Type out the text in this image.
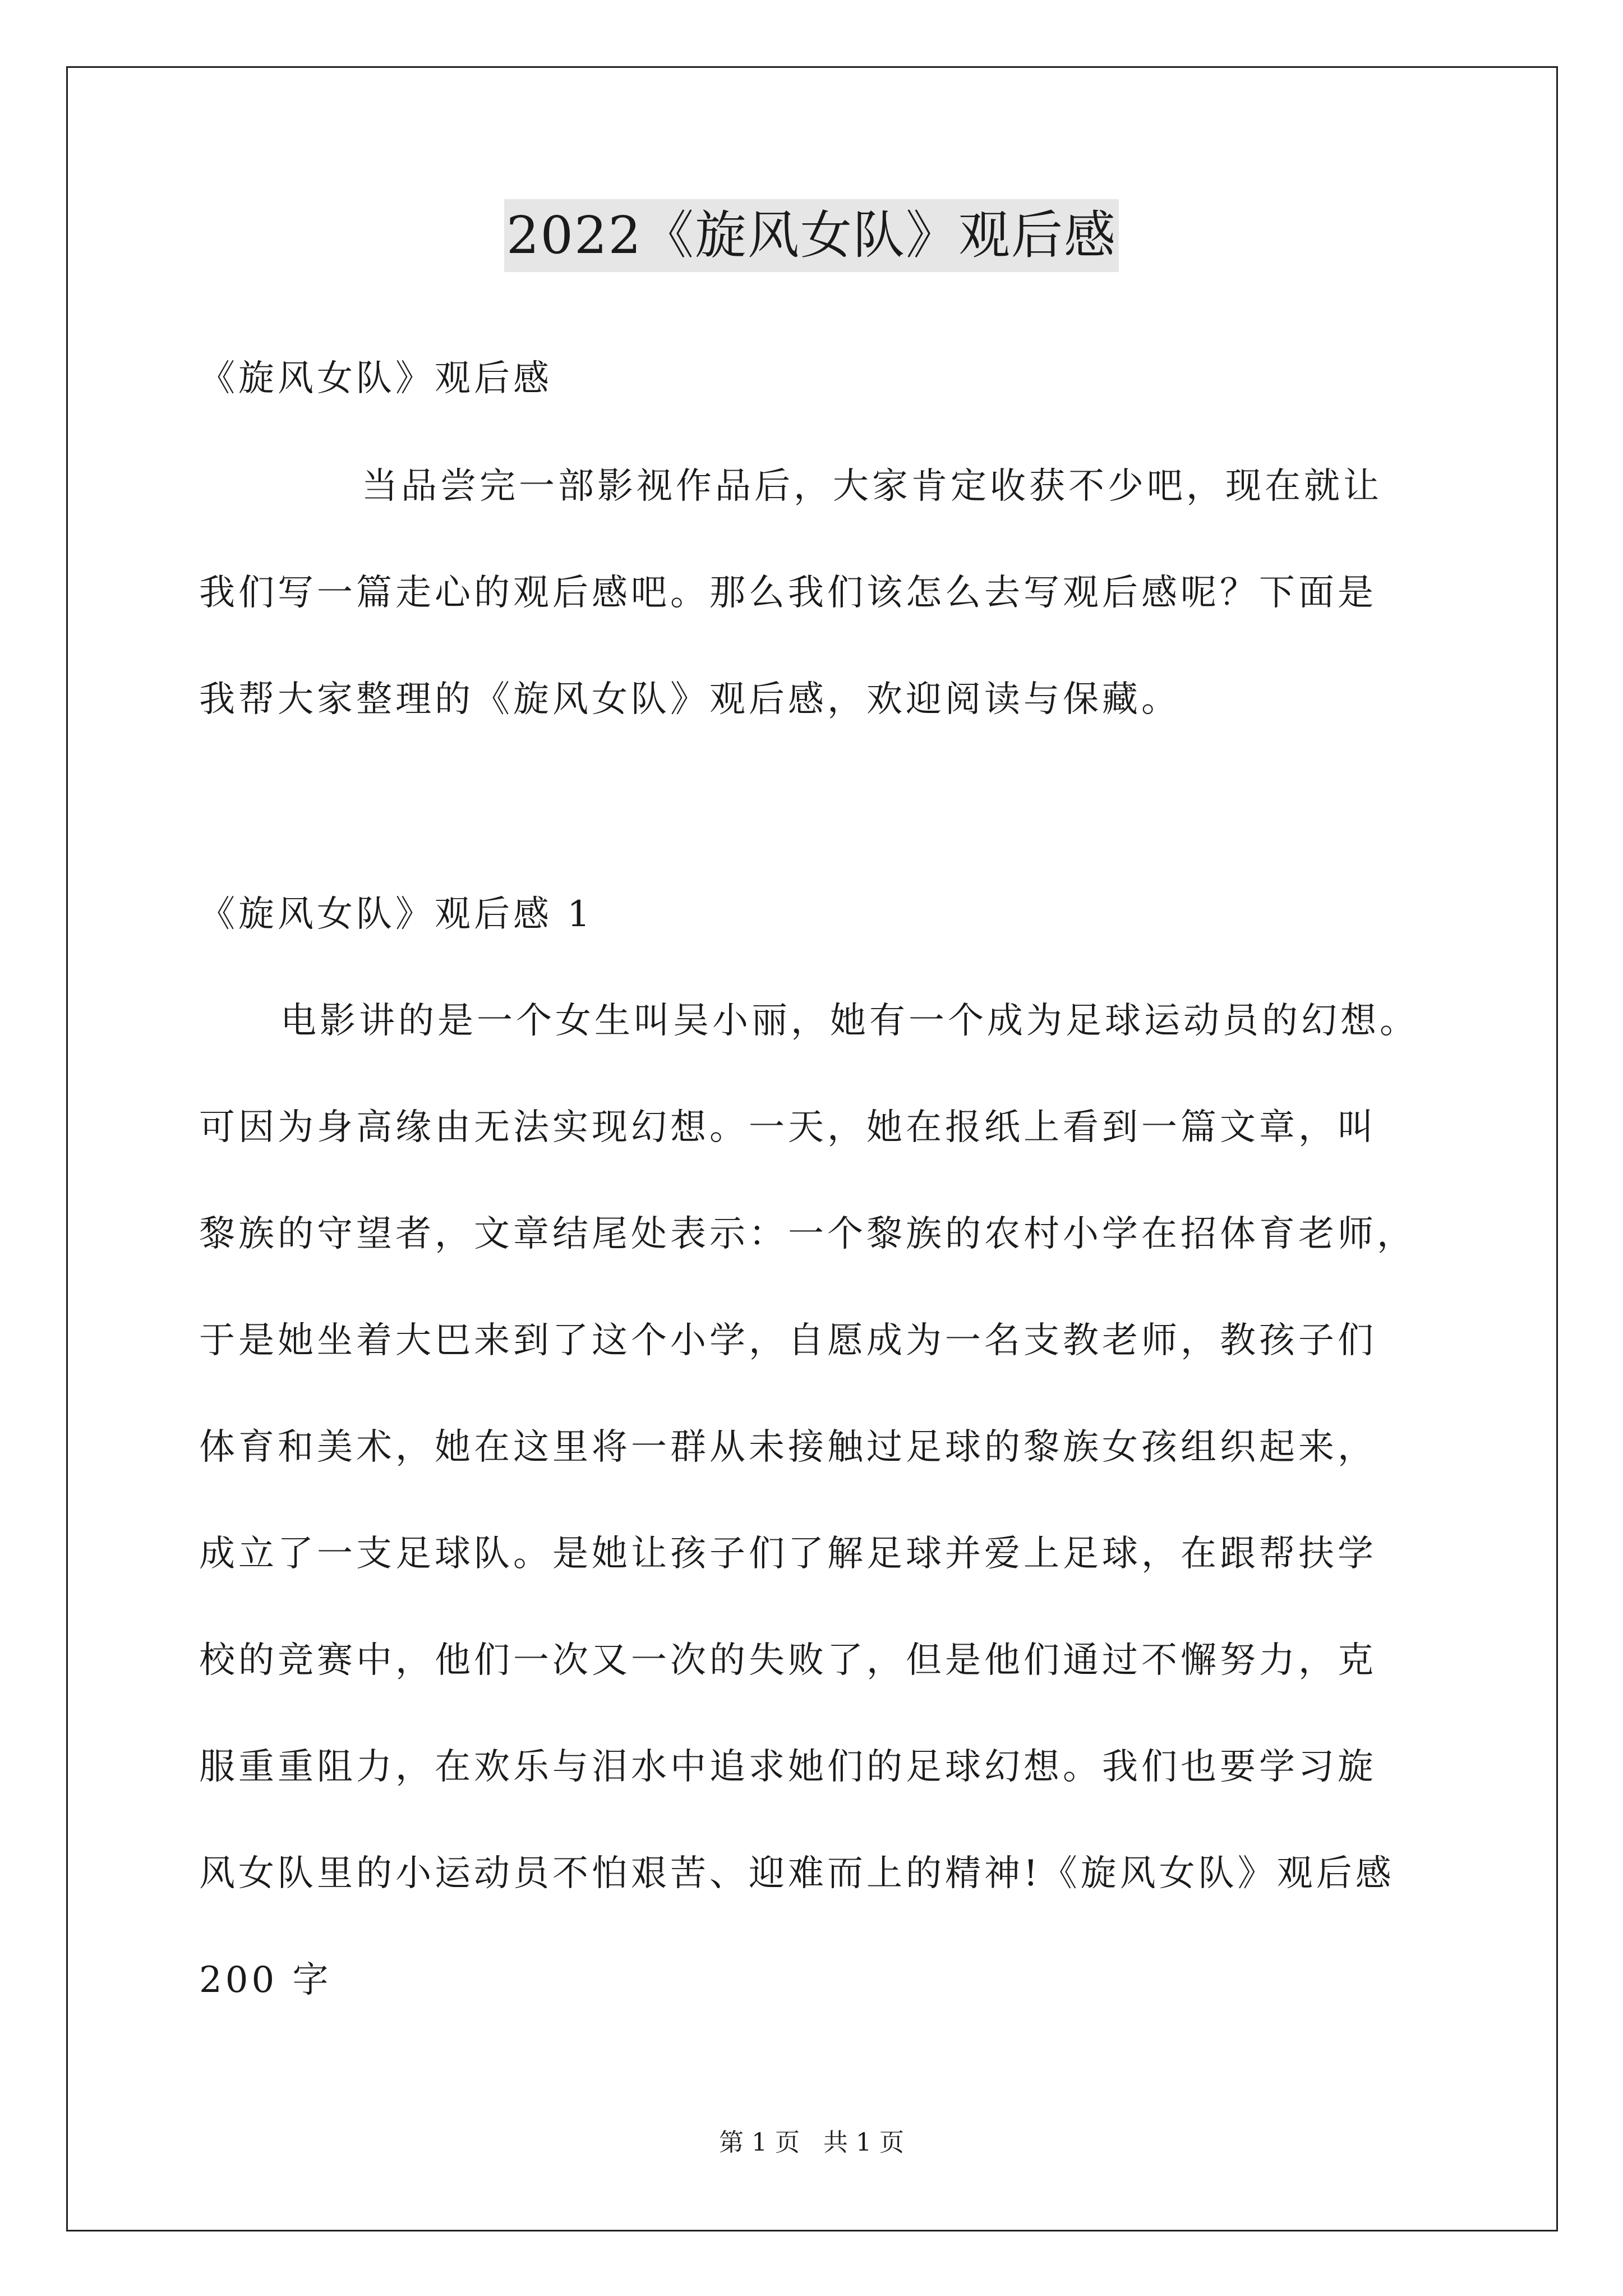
2022《旋风女队》观后感
《旋风女队》观后感
当品尝完一部影视作品后，大家肯定收获不少吧，现在就让
我们写一篇走心的观后感吧。那么我们该怎么去写观后感呢？下面是
我帮大家整理的《旋风女队》观后感，欢迎阅读与保藏。
《旋风女队》观后感 1
电影讲的是一个女生叫吴小丽，她有一个成为足球运动员的幻想。
可因为身高缘由无法实现幻想。一天，她在报纸上看到一篇文章，叫
黎族的守望者，文章结尾处表示：一个黎族的农村小学在招体育老师，
于是她坐着大巴来到了这个小学，自愿成为一名支教老师，教孩子们
体育和美术，她在这里将一群从未接触过足球的黎族女孩组织起来，
成立了一支足球队。是她让孩子们了解足球并爱上足球，在跟帮扶学
校的竞赛中，他们一次又一次的失败了，但是他们通过不懈努力，克
服重重阻力，在欢乐与泪水中追求她们的足球幻想。我们也要学习旋
风女队里的小运动员不怕艰苦、迎难而上的精神!《旋风女队》观后感
200 字
第 1 页 共 1 页
